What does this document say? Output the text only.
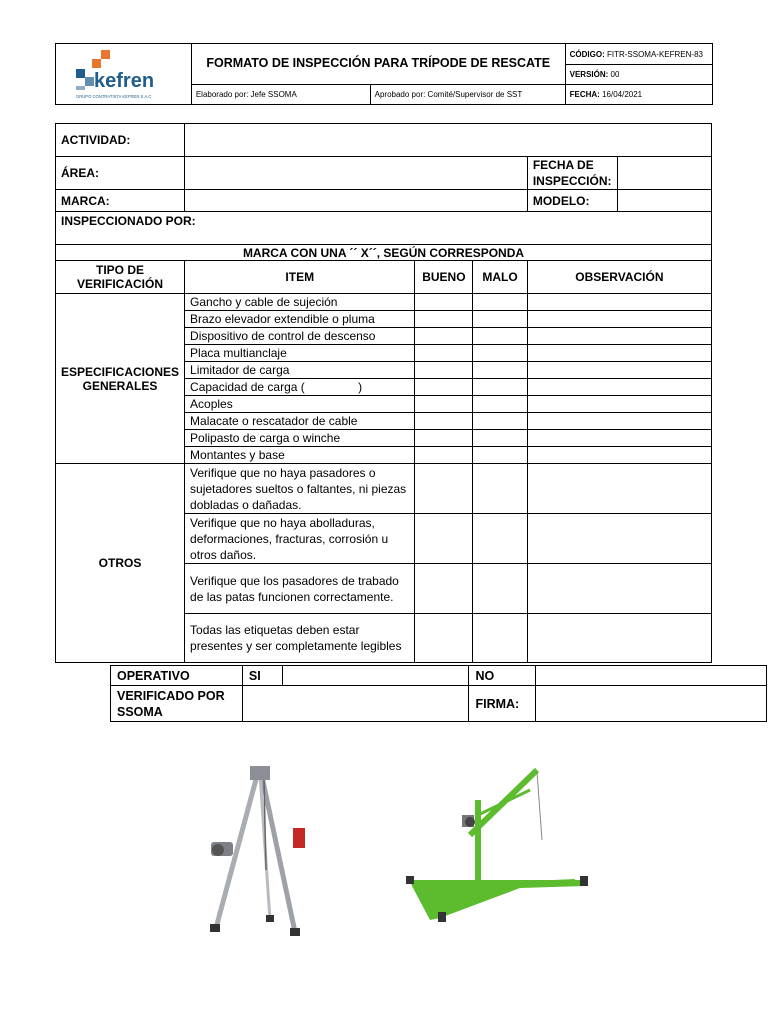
kefren
GRUPO CONTRATISTA KEFREN S.A.C	FORMATO DE INSPECCIÓN PARA TRÍPODE DE RESCATE		CÓDIGO: FITR-SSOMA-KEFREN-83
			VERSIÓN: 00
	Elaborado por: Jefe SSOMA	Aprobado por: Comité/Supervisor de SST	FECHA: 16/04/2021
ACTIVIDAD:					
ÁREA:				FECHA DE INSPECCIÓN:	
MARCA:				MODELO:	
INSPECCIONADO POR:					
MARCA CON UNA ´´ X´´, SEGÚN CORRESPONDA					
TIPO DE VERIFICACIÓN	ITEM	BUENO	MALO	OBSERVACIÓN	
ESPECIFICACIONES GENERALES	Gancho y cable de sujeción				
	Brazo elevador extendible o pluma				
	Dispositivo de control de descenso				
	Placa multianclaje				
	Limitador de carga				
	Capacidad de carga (                )				
	Acoples				
	Malacate o rescatador de cable				
	Polipasto de carga o winche				
	Montantes y base				
OTROS	Verifique que no haya pasadores o sujetadores sueltos o faltantes, ni piezas dobladas o dañadas.				
	Verifique que no haya abolladuras, deformaciones, fracturas, corrosión u otros daños.				
	Verifique que los pasadores de trabado de las patas funcionen correctamente.				
	Todas las etiquetas deben estar presentes y ser completamente legibles				
OPERATIVO	SI		NO	
VERIFICADO POR SSOMA			FIRMA:	
